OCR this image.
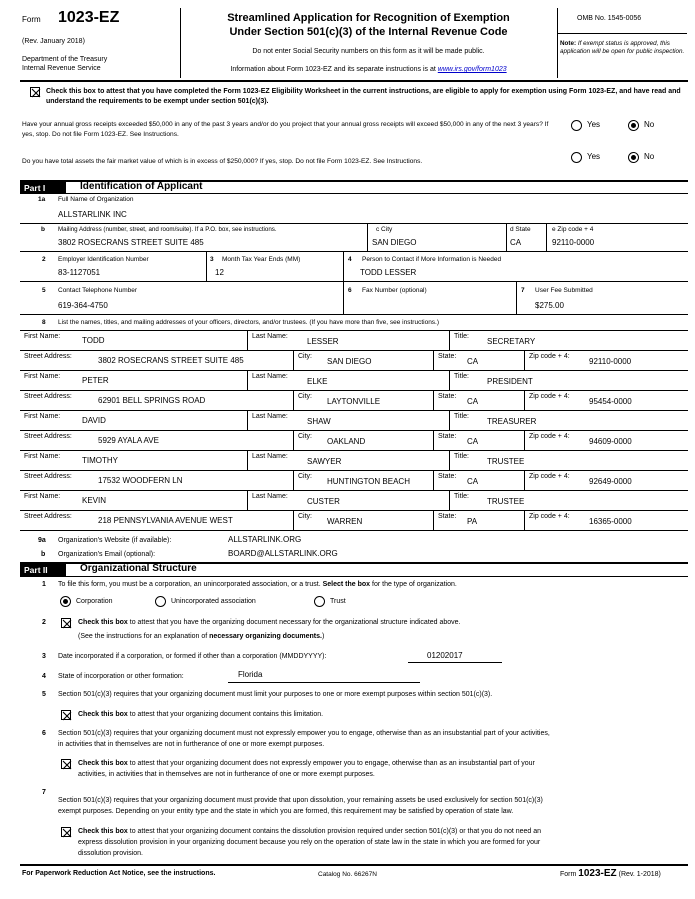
Form 1023-EZ
(Rev. January 2018)
Department of the Treasury
Internal Revenue Service
Streamlined Application for Recognition of Exemption
Under Section 501(c)(3) of the Internal Revenue Code
Do not enter Social Security numbers on this form as it will be made public.
Information about Form 1023-EZ and its separate instructions is at www.irs.gov/form1023
OMB No. 1545-0056
Note: If exempt status is approved, this application will be open for public inspection.
Check this box to attest that you have completed the Form 1023-EZ Eligibility Worksheet in the current instructions, are eligible to apply for exemption using Form 1023-EZ, and have read and understand the requirements to be exempt under section 501(c)(3).
Have your annual gross receipts exceeded $50,000 in any of the past 3 years and/or do you project that your annual gross receipts will exceed $50,000 in any of the next 3 years? If yes, stop. Do not file Form 1023-EZ. See Instructions.
Yes	No
Do you have total assets the fair market value of which is in excess of $250,000? If yes, stop. Do not file Form 1023-EZ. See Instructions.
Yes	No
Part I	Identification of Applicant
1a Full Name of Organization
ALLSTARLINK INC
b Mailing Address (number, street, and room/suite). If a P.O. box, see instructions.
3802 ROSECRANS STREET SUITE 485
c City
SAN DIEGO
d State
CA
e Zip code + 4
92110-0000
2 Employer Identification Number
83-1127051
3 Month Tax Year Ends (MM)
12
4 Person to Contact if More Information is Needed
TODD LESSER
5 Contact Telephone Number
619-364-4750
6 Fax Number (optional)	7 User Fee Submitted
$275.00
8 List the names, titles, and mailing addresses of your officers, directors, and/or trustees. (If you have more than five, see instructions.)
First Name:	TODD	Last Name:
LESSER
Title:
SECRETARY
Street Address:	3802 ROSECRANS STREET SUITE 485	City:
SAN DIEGO
State:
CA
Zip code + 4:
92110-0000
First Name:	PETER	Last Name:
ELKE
Title:
PRESIDENT
Street Address:	62901 BELL SPRINGS ROAD	City:
LAYTONVILLE
State:
CA
Zip code + 4:
95454-0000
First Name:	DAVID	Last Name:
SHAW
Title:
TREASURER
Street Address:	5929 AYALA AVE	City:
OAKLAND
State:
CA
Zip code + 4:
94609-0000
First Name:	TIMOTHY	Last Name:
SAWYER
Title:
TRUSTEE
Street Address:	17532 WOODFERN LN	City:
HUNTINGTON BEACH
State:
CA
Zip code + 4:
92649-0000
First Name:	KEVIN	Last Name:
CUSTER
Title:
TRUSTEE
Street Address:	218 PENNSYLVANIA AVENUE WEST	City:
WARREN
State:
PA
Zip code + 4:
16365-0000
9a Organization's Website (if available):	ALLSTARLINK.ORG
b Organization's Email (optional):	BOARD@ALLSTARLINK.ORG
Part II	Organizational Structure
1 To file this form, you must be a corporation, an unincorporated association, or a trust. Select the box for the type of organization.
Corporation	Unincorporated association	Trust
2	Check this box to attest that you have the organizing document necessary for the organizational structure indicated above.
(See the instructions for an explanation of necessary organizing documents.)
3 Date incorporated if a corporation, or formed if other than a corporation (MMDDYYYY):	01202017
4 State of incorporation or other formation:	Florida
5 Section 501(c)(3) requires that your organizing document must limit your purposes to one or more exempt purposes within section 501(c)(3).
Check this box to attest that your organizing document contains this limitation.
6 Section 501(c)(3) requires that your organizing document must not expressly empower you to engage, otherwise than as an insubstantial part of your activities,
in activities that in themselves are not in furtherance of one or more exempt purposes.
Check this box to attest that your organizing document does not expressly empower you to engage, otherwise than as an insubstantial part of your
activities, in activities that in themselves are not in furtherance of one or more exempt purposes.
7
Section 501(c)(3) requires that your organizing document must provide that upon dissolution, your remaining assets be used exclusively for section 501(c)(3)
exempt purposes. Depending on your entity type and the state in which you are formed, this requirement may be satisfied by operation of state law.
Check this box to attest that your organizing document contains the dissolution provision required under section 501(c)(3) or that you do not need an
express dissolution provision in your organizing document because you rely on the operation of state law in the state in which you are formed for your
dissolution provision.
For Paperwork Reduction Act Notice, see the instructions.	Catalog No. 66267N	Form 1023-EZ (Rev. 1-2018)
